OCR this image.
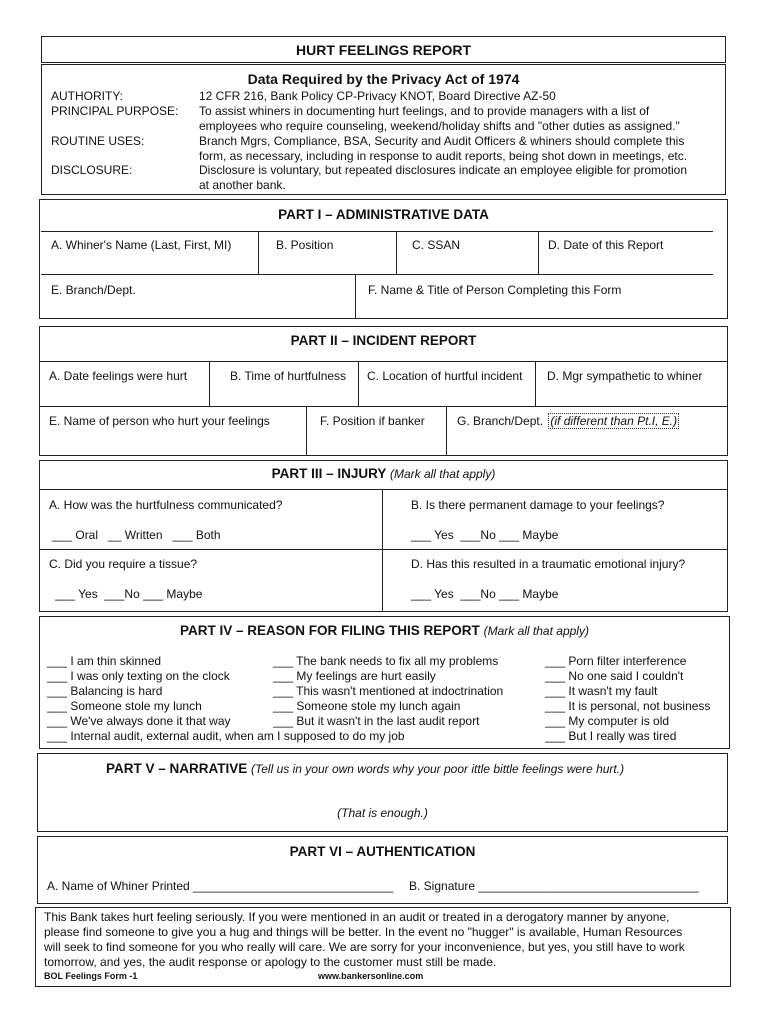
HURT FEELINGS REPORT
Data Required by the Privacy Act of 1974
AUTHORITY:	12 CFR 216, Bank Policy CP-Privacy KNOT, Board Directive AZ-50
PRINCIPAL PURPOSE: To assist whiners in documenting hurt feelings, and to provide managers with a list of
employees who require counseling, weekend/holiday shifts and "other duties as assigned."
ROUTINE USES:	Branch Mgrs, Compliance, BSA, Security and Audit Officers & whiners should complete this
form, as necessary, including in response to audit reports, being shot down in meetings, etc.
DISCLOSURE:	Disclosure is voluntary, but repeated disclosures indicate an employee eligible for promotion
at another bank.
PART I – ADMINISTRATIVE DATA
A. Whiner's Name (Last, First, MI)	B. Position	C. SSAN	D. Date of this Report
E. Branch/Dept.	F. Name & Title of Person Completing this Form
PART II – INCIDENT REPORT
A. Date feelings were hurt	B. Time of hurtfulness C. Location of hurtful incident D. Mgr sympathetic to whiner
E. Name of person who hurt your feelings	F. Position if banker	G. Branch/Dept. (if different than Pt.I, E.)
PART III – INJURY (Mark all that apply)
A. How was the hurtfulness communicated?
___ Oral   __ Written   ___ Both
B. Is there permanent damage to your feelings?
___ Yes  ___No ___ Maybe
C. Did you require a tissue?
___ Yes  ___No ___ Maybe
D. Has this resulted in a traumatic emotional injury?
___ Yes  ___No ___ Maybe
PART IV – REASON FOR FILING THIS REPORT (Mark all that apply)
___ I am thin skinned
___ I was only texting on the clock
___ Balancing is hard
___ Someone stole my lunch
___ We've always done it that way
___ Internal audit, external audit, when am I supposed to do my job
___ The bank needs to fix all my problems
___ My feelings are hurt easily
___ This wasn't mentioned at indoctrination
___ Someone stole my lunch again
___ But it wasn't in the last audit report
___ Porn filter interference
___ No one said I couldn't
___ It wasn't my fault
___ It is personal, not business
___ My computer is old
___ But I really was tired
PART V – NARRATIVE (Tell us in your own words why your poor ittle bittle feelings were hurt.)
(That is enough.)
PART VI – AUTHENTICATION
A. Name of Whiner Printed ______________________________ B. Signature _________________________________
This Bank takes hurt feeling seriously. If you were mentioned in an audit or treated in a derogatory manner by anyone,
please find someone to give you a hug and things will be better. In the event no "hugger" is available, Human Resources
will seek to find someone for you who really will care. We are sorry for your inconvenience, but yes, you still have to work
tomorrow, and yes, the audit response or apology to the customer must still be made.
BOL Feelings Form -1	www.bankersonline.com
